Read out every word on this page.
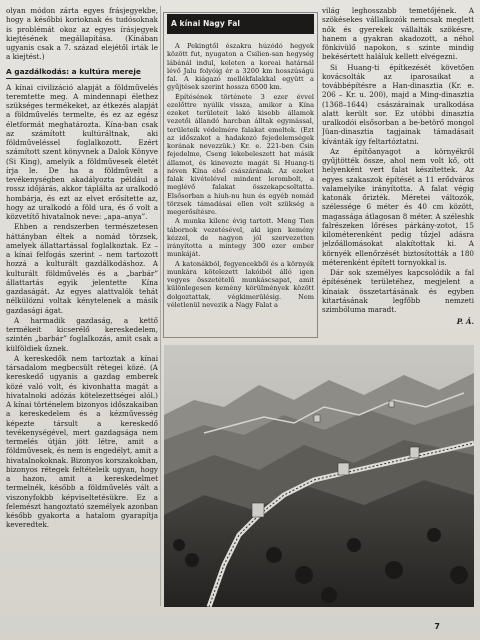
olyan módon zárta egyes frásjegyekbe, hogy a későbbi korioknak és tudósoknak is problémát okoz az egyes írásjegyek kiejtésének megállapítása. (Kínában ugyanis csak a 7. század elejétől írták le a kiejtést.)

A gazdálkodás: a kultúra mereje

A kínai civilizáció alapját a földművelés teremtette meg. A mindennapi élethez szükséges termékeket, az étkezés alapját a földművelés termelte, és ez az egész életformát meghatározta. Kína-ban csak az számított kultúráltnak, aki földműveléssel foglalkozott. Ezért számított szent könyvnek a Dalok Könyve (Si King), amelyik a földművesek életét írja le. De ha a földművelt a tevékenységben akadályozta például a rossz időjárás, akkor táplálta az uralkodó hombárja, és ezt az elvet erősítette az, hogy az uralkodó a föld ura, és ő volt a közvetítő hivatalnok neve: „apa–anya”.

Ehben a rendszerben természetesen háttányban éltek a nomád törzsek, amelyek állattartással foglalkoztak. Ez – a kínai felfogás szerint – nem tartozott hozzá a kulturált gazdálkodáshoz. A kulturált földművelés és a „barbár” állattartás egyik jelentette Kína gazdaságát. Az egyes alattvalók tehát nélkülözni voltak kénytelenek a másik gazdasági ágat.

A harmadik gazdaság, a kettő termékeit kicserélő kereskedelem, szintén „barbár” foglalkozás, amit csak a külföldiek űznek.

A kereskedők nem tartoztak a kínai társadalom megbecsült rétegei közé. (A kereskedő ugyanis a gazdag emberek közé való volt, és kivonhatta magát a hivatalnoki adózás kötelezettségei alól.) A kínai történelem bizonyos időszakaiban a kereskedelem és a kézművesség képezte társult a kereskedő tevékenységével, mert gazdagsága nem termelés útján jött létre, amit a földművesek, és nem is engedélyt, amit a hivatalnokoknak. Bizonyos korszakokban, bizonyos rétegek feltételeik ugyan, hogy a hazon, amit a kereskedelmet termelnék, később a földművelés vált a viszonyfokbb képviseltetésükre. Ez a felemészt hangoztató személyek azonban később gyakorta a hatalom gyarapítja keveredtek.

A kínai Nagy Fal

A Pekingtől északra húzódó hegyek között fut, nyugaton a Csilien-san hegység lábánál indul, keleten a koreai határnál lévő Jalu folyóig ér a 3200 km hosszúságú fal. A kiágazó mellékfalakkal együtt a gyűjtések szerint hossza 6500 km.

Építésének története 3 ezer évvel ezelőttre nyúlik vissza, amikor a Kína ezeket területeit lakó kisebb államok vezetői állandó harcban álltak egymással, területeik védelmére falakat emeltek. (Ezt az időszakot a hadakozó fejedelemségek korának nevezzük.) Kr. e. 221-ben Csin fejedelme, Cseng lekebeleszett hat másik államot, és kinevezte magát Si Huang-ti néven Kína első császárának. Az ezeket falak kivételével mindent lerombolt, a meglévő falakat összekapcsoltatta. Elsősorban a hiuh-nu hun és egyéb nomád törzsek támadásai ellen volt szükség a megerősítésre.

A munka kilenc évig tartott. Meng Tien tábornok vezetésével, aki igen kemény kézzel, de nagyon jól szervezetten irányította a mintegy 300 ezer ember munkáját.

A katonákból, fegyencekből és a környék munkára kötelezett lakóiból álló igen vegyes összetételű munkáscsapat, amit különlegesen kemény körülmények között dolgoztattak, végkimerülésig. Nem véletlenül nevezik a Nagy Falat a

világ leghosszabb temetőjének. A szökésekes vállalkozók nemcsak meglett nők és gyerekek vállalták szökésre, hanem a gyakran akadozott, a néhol fönkivülő napokon, s szinte mindig bekésértett haláluk kellett elvégezni.

Si Huang-ti építkezését követően kovácsolták az iparosaikat a továbbépítésre a Han-dinasztia (Kr. e. 206 – Kr. u. 200), majd a Ming-dinasztia (1368–1644) császárainak uralkodása alatt került sor. Ez utóbbi dinasztia uralkodói elsősorban a be-betörő mongol Jüan-dinasztia tagjainak támadásait kívánták így feltartóztatni.

Az építőanyagot a környékről gyűjtötték össze, ahol nem volt kő, ott helyenként vert falat készítettek. Az egyes szakaszok építését a 11 erődváros valamelyike irányította. A falat végig katonák őrizték. Méretei változók, szélessége 6 méter és 40 cm között, magassága átlagosan 8 méter. A széleshk falrészeken lőréses párkány-zotot, 15 kilométerenként pedig tűzjel adásra jelzőállomásokat alakítottak ki. A környék ellenőrzését biztosították a 180 méterenként épített tornyokkal is.

Dár sok személyes kapcsolódik a fal építésének területéhez, megjelent a kínaiak összetartásának és egyben kitartásának legfőbb nemzeti szimbóluma maradt.

P. Á.

7
